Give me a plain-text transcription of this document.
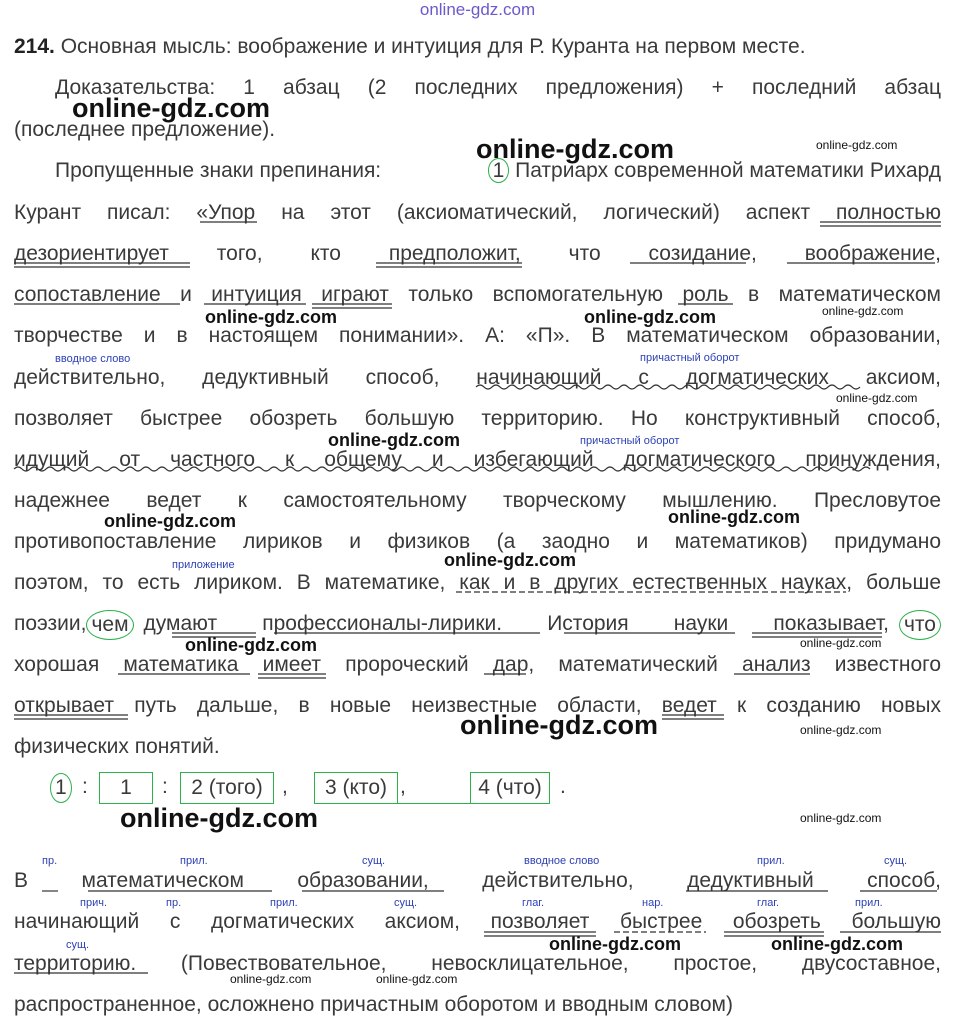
online-gdz.com
214. Основная мысль: воображение и интуиция для Р. Куранта на первом месте.
Доказательства: 1 абзац (2 последних предложения) + последний абзац
(последнее предложение).
Пропущенные знаки препинания:	1 Патриарх современной математики Рихард
Курант писал: «Упор на этот (аксиоматический, логический) аспект полностью
дезориентирует того, кто предположит, что созидание, воображение,
сопоставление и интуиция играют только вспомогательную роль в математическом
творчестве и в настоящем понимании». А: «П». В математическом образовании,
действительно, дедуктивный способ, начинающий с догматических аксиом,
позволяет быстрее обозреть большую территорию. Но конструктивный способ,
идущий от частного к общему и избегающий догматического принуждения,
надежнее ведет к самостоятельному творческому мышлению. Пресловутое
противопоставление лириков и физиков (а заодно и математиков) придумано
поэтом, то есть лириком. В математике, как и в других естественных науках, больше
поэзии, чем думают профессионалы-лирики. История науки показывает, что
хорошая математика имеет пророческий дар, математический анализ известного
открывает путь дальше, в новые неизвестные области, ведет к созданию новых
физических понятий.
вводное слово	причастный оборот
причастный оборот
приложение
1 :	1	:	2 (того) ,	3 (кто) ,	4 (что) .
пр.	прил.	сущ.	вводное слово	прил.	сущ.
В математическом образовании, действительно, дедуктивный способ,
прич.	пр.	прил.	сущ.	глаг.	нар.	глаг.	прил.
начинающий с догматических аксиом, позволяет быстрее обозреть большую
сущ.
территорию. (Повествовательное, невосклицательное, простое, двусоставное,
распространенное, осложнено причастным оборотом и вводным словом)
online-gdz.com
online-gdz.com	online-gdz.com
online-gdz.com	online-gdz.com	online-gdz.com
online-gdz.com
online-gdz.com
online-gdz.com	online-gdz.com
online-gdz.com
online-gdz.com	online-gdz.com
online-gdz.com	online-gdz.com
online-gdz.com	online-gdz.com
online-gdz.com	online-gdz.com
online-gdz.com	online-gdz.com
